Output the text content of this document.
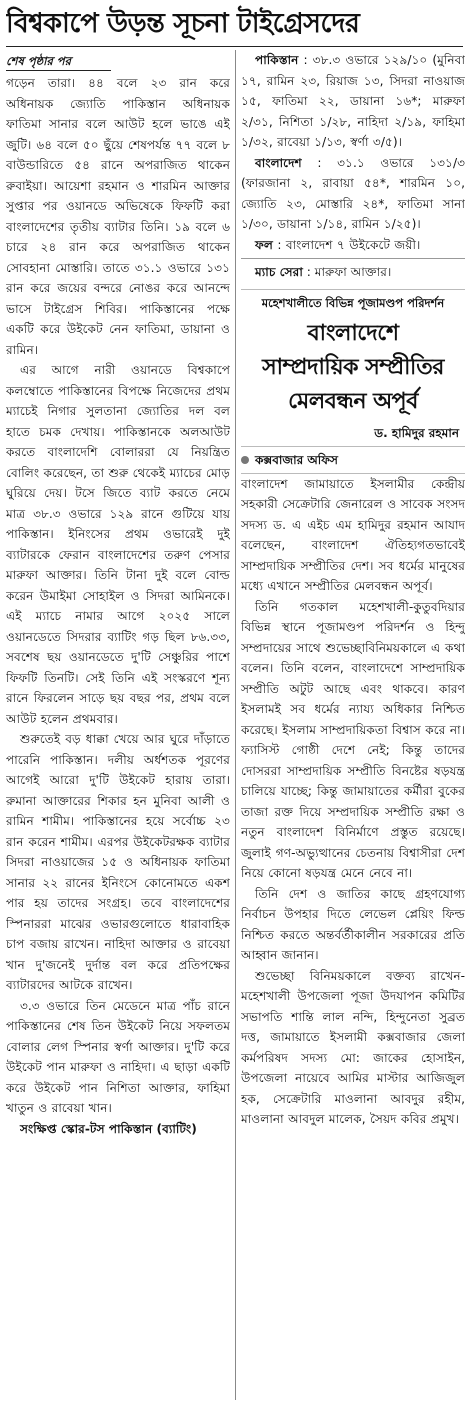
বিশ্বকাপে উড়ন্ত সূচনা টাইগ্রেসদের
শেষ পৃষ্ঠার পর

গড়েন তারা। ৪৪ বলে ২৩ রান করে অধিনায়ক জ্যোতি পাকিস্তান অধিনায়ক ফাতিমা সানার বলে আউট হলে ভাঙে এই জুটি। ৬৪ বলে ৫০ ছুঁয়ে শেষপর্যন্ত ৭৭ বলে ৮ বাউন্ডারিতে ৫৪ রানে অপরাজিত থাকেন রুবাইয়া। আয়েশা রহমান ও শারমিন আক্তার সুপ্তার পর ওয়ানডে অভিষেকে ফিফটি করা বাংলাদেশের তৃতীয় ব্যাটার তিনি। ১৯ বলে ৬ চারে ২৪ রান করে অপরাজিত থাকেন সোবহানা মোস্তারি। তাতে ৩১.১ ওভারে ১৩১ রান করে জয়ের বন্দরে নোঙর করে আনন্দে ভাসে টাইগ্রেস শিবির। পাকিস্তানের পক্ষে একটি করে উইকেট নেন ফাতিমা, ডায়ানা ও রামিন।

এর আগে নারী ওয়ানডে বিশ্বকাপে কলম্বোতে পাকিস্তানের বিপক্ষে নিজেদের প্রথম ম্যাচেই নিগার সুলতানা জ্যোতির দল বল হাতে চমক দেখায়। পাকিস্তানকে অলআউট করতে বাংলাদেশি বোলাররা যে নিয়ন্ত্রিত বোলিং করেছেন, তা শুরু থেকেই ম্যাচের মোড় ঘুরিয়ে দেয়। টসে জিতে ব্যাট করতে নেমে মাত্র ৩৮.৩ ওভারে ১২৯ রানে গুটিয়ে যায় পাকিস্তান। ইনিংসের প্রথম ওভারেই দুই ব্যাটারকে ফেরান বাংলাদেশের তরুণ পেসার মারুফা আক্তার। তিনি টানা দুই বলে বোল্ড করেন উমাইমা সোহাইল ও সিদরা আমিনকে। এই ম্যাচে নামার আগে ২০২৫ সালে ওয়ানডেতে সিদরার ব্যাটিং গড় ছিল ৮৬.৩৩, সবশেষ ছয় ওয়ানডেতে দু'টি সেঞ্চুরির পাশে ফিফটি তিনটি। সেই তিনি এই সংস্করণে শূন্য রানে ফিরলেন সাড়ে ছয় বছর পর, প্রথম বলে আউট হলেন প্রথমবার।

শুরুতেই বড় ধাক্কা খেয়ে আর ঘুরে দাঁড়াতে পারেনি পাকিস্তান। দলীয় অর্ধশতক পূরণের আগেই আরো দু'টি উইকেট হারায় তারা। রুমানা আক্তারের শিকার হন মুনিবা আলী ও রামিন শামীম। পাকিস্তানের হয়ে সর্বোচ্চ ২৩ রান করেন শামীম। এরপর উইকেটরক্ষক ব্যাটার সিদরা নাওয়াজের ১৫ ও অধিনায়ক ফাতিমা সানার ২২ রানের ইনিংসে কোনোমতে একশ পার হয় তাদের সংগ্রহ। তবে বাংলাদেশের স্পিনাররা মাঝের ওভারগুলোতে ধারাবাহিক চাপ বজায় রাখেন। নাহিদা আক্তার ও রাবেয়া খান দু'জনেই দুর্দান্ত বল করে প্রতিপক্ষের ব্যাটারদের আটকে রাখেন।

৩.৩ ওভারে তিন মেডেনে মাত্র পাঁচ রানে পাকিস্তানের শেষ তিন উইকেট নিয়ে সফলতম বোলার লেগ স্পিনার স্বর্ণা আক্তার। দু'টি করে উইকেট পান মারুফা ও নাহিদা। এ ছাড়া একটি করে উইকেট পান নিশিতা আক্তার, ফাহিমা খাতুন ও রাবেয়া খান।

সংক্ষিপ্ত স্কোর-টস পাকিস্তান (ব্যাটিং)

পাকিস্তান : ৩৮.৩ ওভারে ১২৯/১০ (মুনিবা ১৭, রামিন ২৩, রিয়াজ ১৩, সিদরা নাওয়াজ ১৫, ফাতিমা ২২, ডায়ানা ১৬*; মারুফা ২/৩১, নিশিতা ১/২৮, নাহিদা ২/১৯, ফাহিমা ১/৩২, রাবেয়া ১/১৩, স্বর্ণা ৩/৫)।

বাংলাদেশ : ৩১.১ ওভারে ১৩১/৩ (ফারজানা ২, রাবায়া ৫৪*, শারমিন ১০, জ্যোতি ২৩, মোস্তারি ২৪*, ফাতিমা সানা ১/৩০, ডায়ানা ১/১৪, রামিন ১/২৫)।

ফল : বাংলাদেশ ৭ উইকেটে জয়ী।

ম্যাচ সেরা : মারুফা আক্তার।

মহেশখালীতে বিভিন্ন পূজামণ্ডপ পরিদর্শন
বাংলাদেশে
সাম্প্রদায়িক সম্প্রীতির
মেলবন্ধন অপূর্ব
ড. হামিদুর রহমান
কক্সবাজার অফিস

বাংলাদেশ জামায়াতে ইসলামীর কেন্দ্রীয় সহকারী সেক্রেটারি জেনারেল ও সাবেক সংসদ সদস্য ড. এ এইচ এম হামিদুর রহমান আযাদ বলেছেন, বাংলাদেশ ঐতিহ্যগতভাবেই সাম্প্রদায়িক সম্প্রীতির দেশ। সব ধর্মের মানুষের মধ্যে এখানে সম্প্রীতির মেলবন্ধন অপূর্ব।

তিনি গতকাল মহেশখালী-কুতুবদিয়ার বিভিন্ন স্থানে পূজামণ্ডপ পরিদর্শন ও হিন্দু সম্প্রদায়ের সাথে শুভেচ্ছাবিনিময়কালে এ কথা বলেন। তিনি বলেন, বাংলাদেশে সাম্প্রদায়িক সম্প্রীতি অটুট আছে এবং থাকবে। কারণ ইসলামই সব ধর্মের ন্যায্য অধিকার নিশ্চিত করেছে। ইসলাম সাম্প্রদায়িকতা বিশ্বাস করে না। ফ্যাসিস্ট গোষ্ঠী দেশে নেই; কিন্তু তাদের দোসররা সাম্প্রদায়িক সম্প্রীতি বিনষ্টের ষড়যন্ত্র চালিয়ে যাচ্ছে; কিন্তু জামায়াতের কর্মীরা বুকের তাজা রক্ত দিয়ে সম্প্রদায়িক সম্প্রীতি রক্ষা ও নতুন বাংলাদেশ বিনির্মাণে প্রস্তুত রয়েছে। জুলাই গণ-অভ্যুত্থানের চেতনায় বিশ্বাসীরা দেশ নিয়ে কোনো ষড়যন্ত্র মেনে নেবে না।

তিনি দেশ ও জাতির কাছে গ্রহণযোগ্য নির্বাচন উপহার দিতে লেভেল প্লেয়িং ফিল্ড নিশ্চিত করতে অন্তর্বর্তীকালীন সরকারের প্রতি আহ্বান জানান।

শুভেচ্ছা বিনিময়কালে বক্তব্য রাখেন- মহেশখালী উপজেলা পূজা উদযাপন কমিটির সভাপতি শান্তি লাল নন্দি, হিন্দুনেতা সুব্রত দত্ত, জামায়াতে ইসলামী কক্সবাজার জেলা কর্মপরিষদ সদস্য মো: জাকের হোসাইন, উপজেলা নায়েবে আমির মাস্টার আজিজুল হক, সেক্রেটারি মাওলানা আবদুর রহীম, মাওলানা আবদুল মালেক, সৈয়দ কবির প্রমুখ।
